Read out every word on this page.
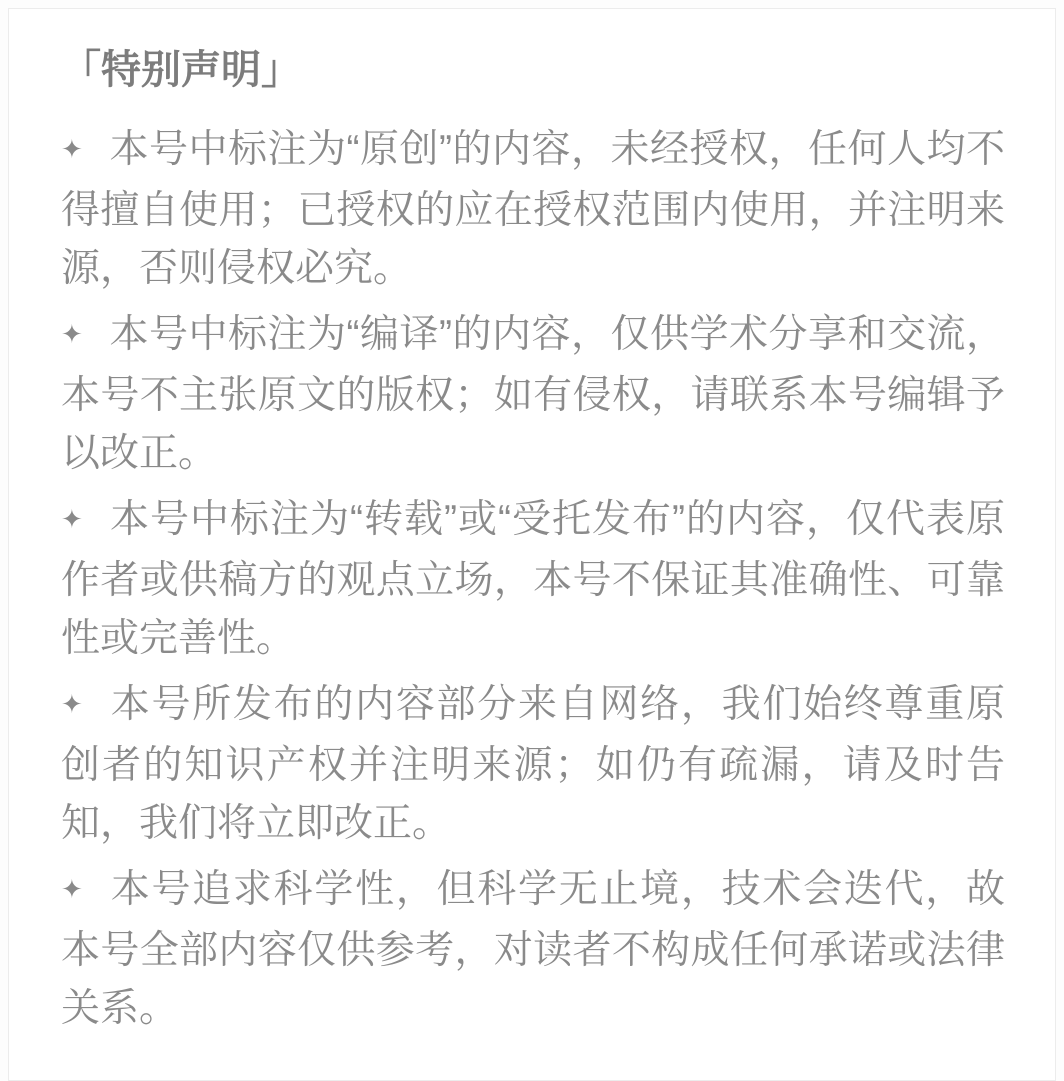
「特别声明」

✦ 本号中标注为“原创”的内容，未经授权，任何人均不得擅自使用；已授权的应在授权范围内使用，并注明来源，否则侵权必究。

✦ 本号中标注为“编译”的内容，仅供学术分享和交流，本号不主张原文的版权；如有侵权，请联系本号编辑予以改正。

✦ 本号中标注为“转载”或“受托发布”的内容，仅代表原作者或供稿方的观点立场，本号不保证其准确性、可靠性或完善性。

✦ 本号所发布的内容部分来自网络，我们始终尊重原创者的知识产权并注明来源；如仍有疏漏，请及时告知，我们将立即改正。

✦ 本号追求科学性，但科学无止境，技术会迭代，故本号全部内容仅供参考，对读者不构成任何承诺或法律关系。
